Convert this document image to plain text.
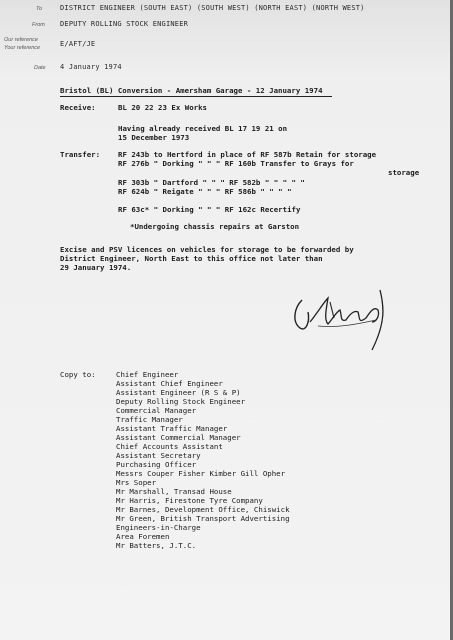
To	DISTRICT ENGINEER (SOUTH EAST) (SOUTH WEST) (NORTH EAST) (NORTH WEST)
From DEPUTY ROLLING STOCK ENGINEER
Our reference
Your reference	E/AFT/JE
Date 4 January 1974
Bristol (BL) Conversion - Amersham Garage - 12 January 1974
Receive:	BL 20 22 23 Ex Works
Having already received BL 17 19 21 on
15 December 1973
Transfer: RF 243b to Hertford in place of RF 587b Retain for storage
RF 276b " Dorking " " " RF 160b Transfer to Grays for
storage
RF 303b " Dartford " " " RF 582b " " " " "
RF 624b " Reigate " " " RF 586b " " " "
RF 63c* " Dorking " " " RF 162c Recertify
*Undergoing chassis repairs at Garston
Excise and PSV licences on vehicles for storage to be forwarded by
District Engineer, North East to this office not later than
29 January 1974.
Copy to:	Chief Engineer
Assistant Chief Engineer
Assistant Engineer (R S & P)
Deputy Rolling Stock Engineer
Commercial Manager
Traffic Manager
Assistant Traffic Manager
Assistant Commercial Manager
Chief Accounts Assistant
Assistant Secretary
Purchasing Officer
Messrs Couper Fisher Kimber Gill Opher
Mrs Soper
Mr Marshall, Transad House
Mr Harris, Firestone Tyre Company
Mr Barnes, Development Office, Chiswick
Mr Green, British Transport Advertising
Engineers-in-Charge
Area Foremen
Mr Batters, J.T.C.
